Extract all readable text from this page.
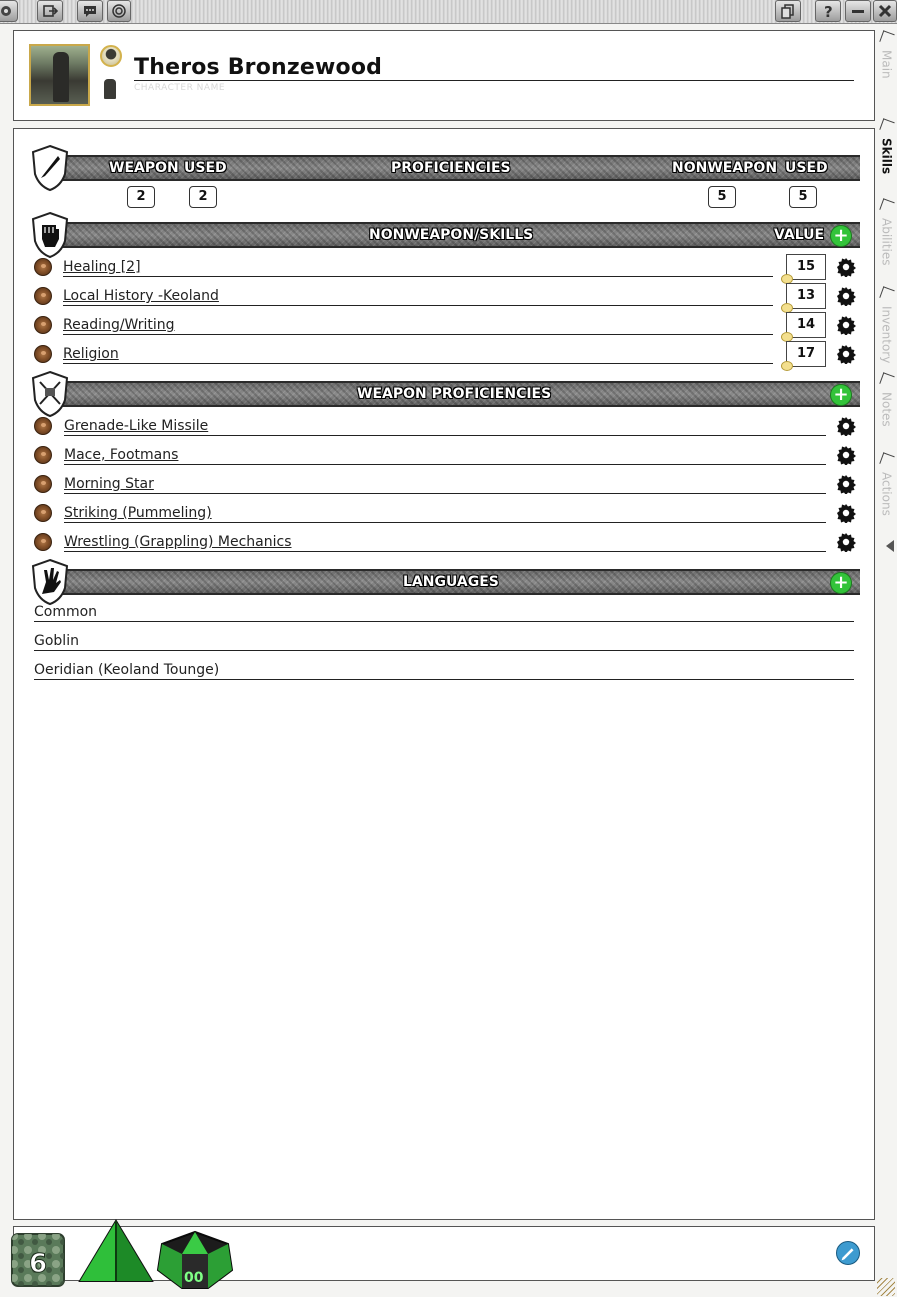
?
Main
Skills
Abilities
Inventory
Notes
Actions
Theros Bronzewood
CHARACTER NAME
WEAPON USED	PROFICIENCIES	NONWEAPON USED
2	2	5	5
NONWEAPON/SKILLS	VALUE +
Healing [2]	15
Local History -Keoland	13
Reading/Writing	14
Religion	17
WEAPON PROFICIENCIES	+
Grenade-Like Missile
Mace, Footmans
Morning Star
Striking (Pummeling)
Wrestling (Grappling) Mechanics
LANGUAGES	+
Common
Goblin
Oeridian (Keoland Tounge)
6	00
